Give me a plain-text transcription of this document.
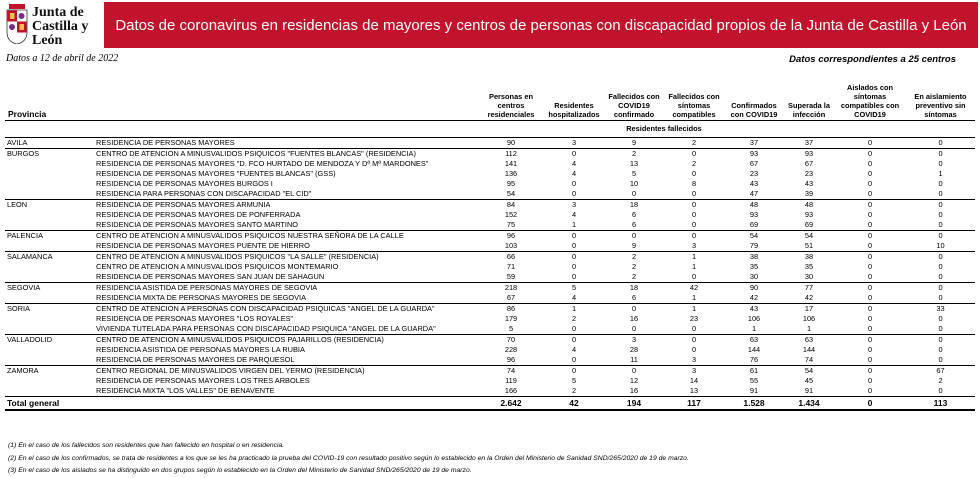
Junta de
Castilla y León
Datos de coronavirus en residencias de mayores y centros de personas con discapacidad propios de la Junta de Castilla y León
Datos a 12 de abril de 2022	Datos correspondientes a 25 centros
Provincia		Personas en centros residenciales	Residentes hospitalizados	Fallecidos con COVID19 confirmado	Fallecidos con síntomas compatibles	Confirmados con COVID19	Superada la infección	Aislados con síntomas compatibles con COVID19	En aislamiento preventivo sin síntomas
				Residentes fallecidos					
AVILA	RESIDENCIA DE PERSONAS MAYORES	90	3	9	2	37	37	0	0
BURGOS	CENTRO DE ATENCION A MINUSVALIDOS PSIQUICOS "FUENTES BLANCAS" (RESIDENCIA)	112	0	2	0	93	93	0	0
	RESIDENCIA DE PERSONAS MAYORES "D. FCO HURTADO DE MENDOZA Y Dª Mª MARDONES"	141	4	13	2	67	67	0	0
	RESIDENCIA DE PERSONAS MAYORES "FUENTES BLANCAS" (GSS)	136	4	5	0	23	23	0	1
	RESIDENCIA DE PERSONAS MAYORES BURGOS I	95	0	10	8	43	43	0	0
	RESIDENCIA PARA PERSONAS CON DISCAPACIDAD "EL CID"	54	0	0	0	47	39	0	0
LEON	RESIDENCIA DE PERSONAS MAYORES ARMUNIA	84	3	18	0	48	48	0	0
	RESIDENCIA DE PERSONAS MAYORES DE PONFERRADA	152	4	6	0	93	93	0	0
	RESIDENCIA DE PERSONAS MAYORES SANTO MARTINO	75	1	6	0	69	69	0	0
PALENCIA	CENTRO DE ATENCION A MINUSVALIDOS PSIQUICOS NUESTRA SEÑORA DE LA CALLE	96	0	0	0	54	54	0	0
	RESIDENCIA DE PERSONAS MAYORES PUENTE DE HIERRO	103	0	9	3	79	51	0	10
SALAMANCA	CENTRO DE ATENCION A MINUSVALIDOS PSIQUICOS "LA SALLE" (RESIDENCIA)	66	0	2	1	38	38	0	0
	CENTRO DE ATENCION A MINUSVALIDOS PSIQUICOS MONTEMARIO	71	0	2	1	35	35	0	0
	RESIDENCIA DE PERSONAS MAYORES SAN JUAN DE SAHAGUN	59	0	2	0	30	30	0	0
SEGOVIA	RESIDENCIA ASISTIDA DE PERSONAS MAYORES DE SEGOVIA	218	5	18	42	90	77	0	0
	RESIDENCIA MIXTA DE PERSONAS MAYORES DE SEGOVIA	67	4	6	1	42	42	0	0
SORIA	CENTRO DE ATENCION A PERSONAS CON DISCAPACIDAD PSIQUICAS "ANGEL DE LA GUARDA"	86	1	0	1	43	17	0	33
	RESIDENCIA DE PERSONAS MAYORES "LOS ROYALES"	179	2	16	23	106	106	0	0
	VIVIENDA TUTELADA PARA PERSONAS CON DISCAPACIDAD PSIQUICA "ANGEL DE LA GUARDA"	5	0	0	0	1	1	0	0
VALLADOLID	CENTRO DE ATENCION A MINUSVALIDOS PSIQUICOS PAJARILLOS (RESIDENCIA)	70	0	3	0	63	63	0	0
	RESIDENCIA ASISTIDA DE PERSONAS MAYORES LA RUBIA	228	4	28	0	144	144	0	0
	RESIDENCIA DE PERSONAS MAYORES DE PARQUESOL	96	0	11	3	76	74	0	0
ZAMORA	CENTRO REGIONAL DE MINUSVALIDOS VIRGEN DEL YERMO (RESIDENCIA)	74	0	0	3	61	54	0	67
	RESIDENCIA DE PERSONAS MAYORES LOS TRES ARBOLES	119	5	12	14	55	45	0	2
	RESIDENCIA MIXTA "LOS VALLES" DE BENAVENTE	166	2	16	13	91	91	0	0
Total general		2.642	42	194	117	1.528	1.434	0	113
(1) En el caso de los fallecidos son residentes que han fallecido en hospital o en residencia.
(2) En el caso de los confirmados, se trata de residentes a los que se les ha practicado la prueba del COVID-19 con resultado positivo según lo establecido en la Orden del Ministerio de Sanidad SND/265/2020 de 19 de marzo.
(3) En el caso de los aislados se ha distinguido en dos grupos según lo establecido en la Orden del Ministerio de Sanidad SND/265/2020 de 19 de marzo.
